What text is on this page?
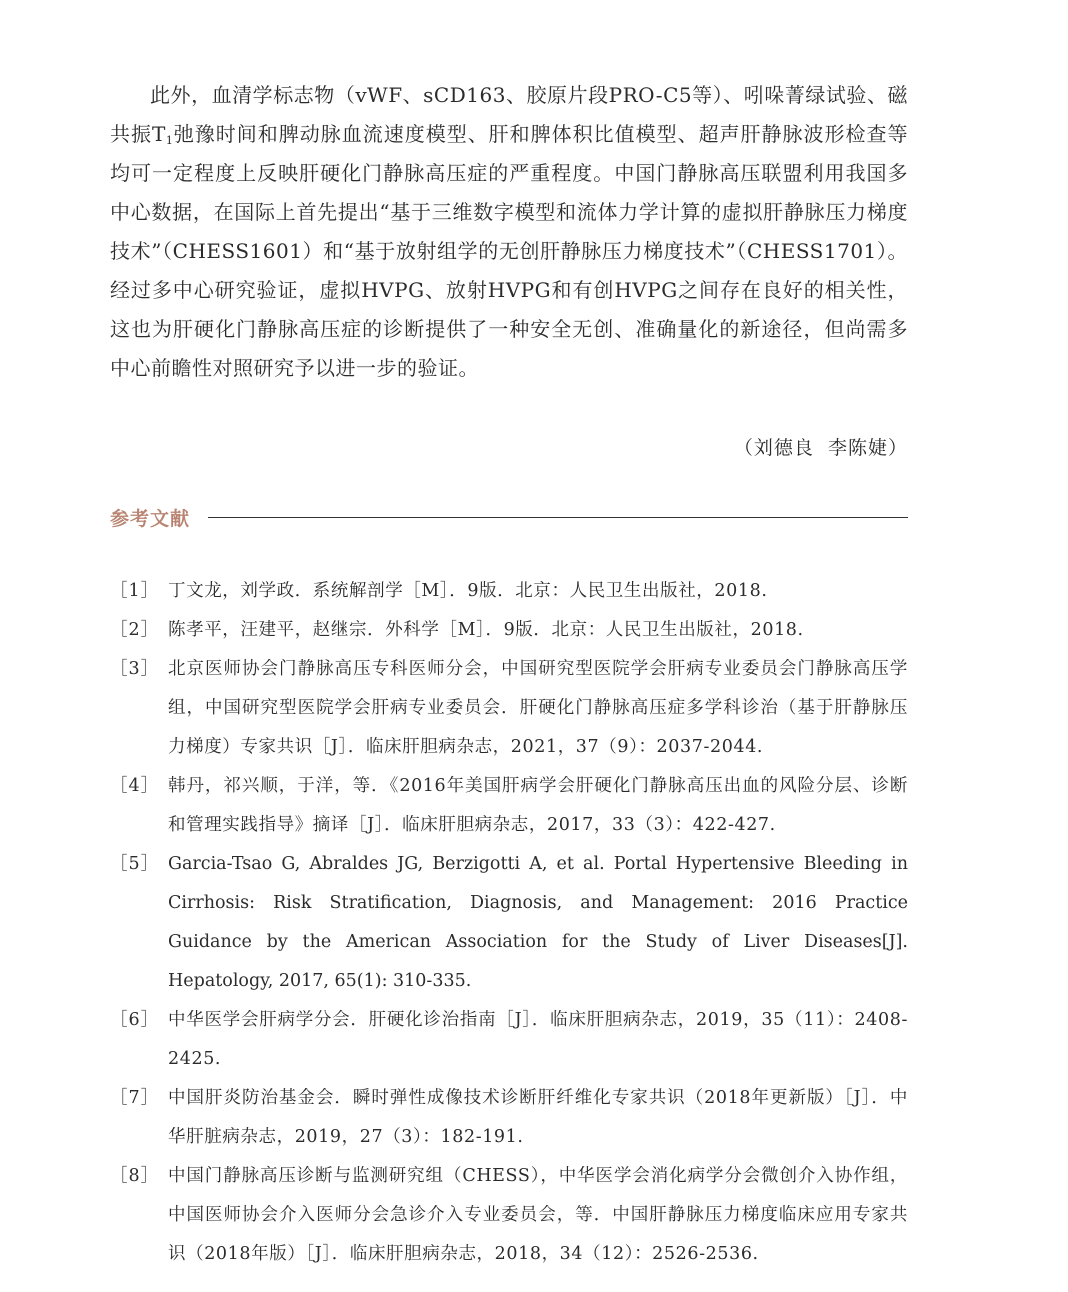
此外，血清学标志物（vWF、sCD163、胶原片段PRO-C5等）、吲哚菁绿试验、磁共振$T_1$弛豫时间和脾动脉血流速度模型、肝和脾体积比值模型、超声肝静脉波形检查等均可一定程度上反映肝硬化门静脉高压症的严重程度。中国门静脉高压联盟利用我国多中心数据，在国际上首先提出“基于三维数字模型和流体力学计算的虚拟肝静脉压力梯度技术”（CHESS1601）和“基于放射组学的无创肝静脉压力梯度技术”（CHESS1701）。经过多中心研究验证，虚拟HVPG、放射HVPG和有创HVPG之间存在良好的相关性，这也为肝硬化门静脉高压症的诊断提供了一种安全无创、准确量化的新途径，但尚需多中心前瞻性对照研究予以进一步的验证。

（刘德良  李陈婕）
参考文献
［1］ 丁文龙，刘学政．系统解剖学［M］．9版．北京：人民卫生出版社，2018.
［2］ 陈孝平，汪建平，赵继宗．外科学［M］．9版．北京：人民卫生出版社，2018.
［3］ 北京医师协会门静脉高压专科医师分会，中国研究型医院学会肝病专业委员会门静脉高压学组，中国研究型医院学会肝病专业委员会．肝硬化门静脉高压症多学科诊治（基于肝静脉压力梯度）专家共识［J］．临床肝胆病杂志，2021，37（9）：2037-2044.
［4］ 韩丹，祁兴顺，于洋，等．《2016年美国肝病学会肝硬化门静脉高压出血的风险分层、诊断和管理实践指导》摘译［J］．临床肝胆病杂志，2017，33（3）：422-427.
［5］ Garcia-Tsao G, Abraldes JG, Berzigotti A, et al. Portal Hypertensive Bleeding in Cirrhosis: Risk Stratification, Diagnosis, and Management: 2016 Practice Guidance by the American Association for the Study of Liver Diseases[J]. Hepatology, 2017, 65(1): 310-335.
［6］ 中华医学会肝病学分会．肝硬化诊治指南［J］．临床肝胆病杂志，2019，35（11）：2408-2425.
［7］ 中国肝炎防治基金会．瞬时弹性成像技术诊断肝纤维化专家共识（2018年更新版）［J］．中华肝脏病杂志，2019，27（3）：182-191.
［8］ 中国门静脉高压诊断与监测研究组（CHESS），中华医学会消化病学分会微创介入协作组，中国医师协会介入医师分会急诊介入专业委员会，等．中国肝静脉压力梯度临床应用专家共识（2018年版）［J］．临床肝胆病杂志，2018，34（12）：2526-2536.
